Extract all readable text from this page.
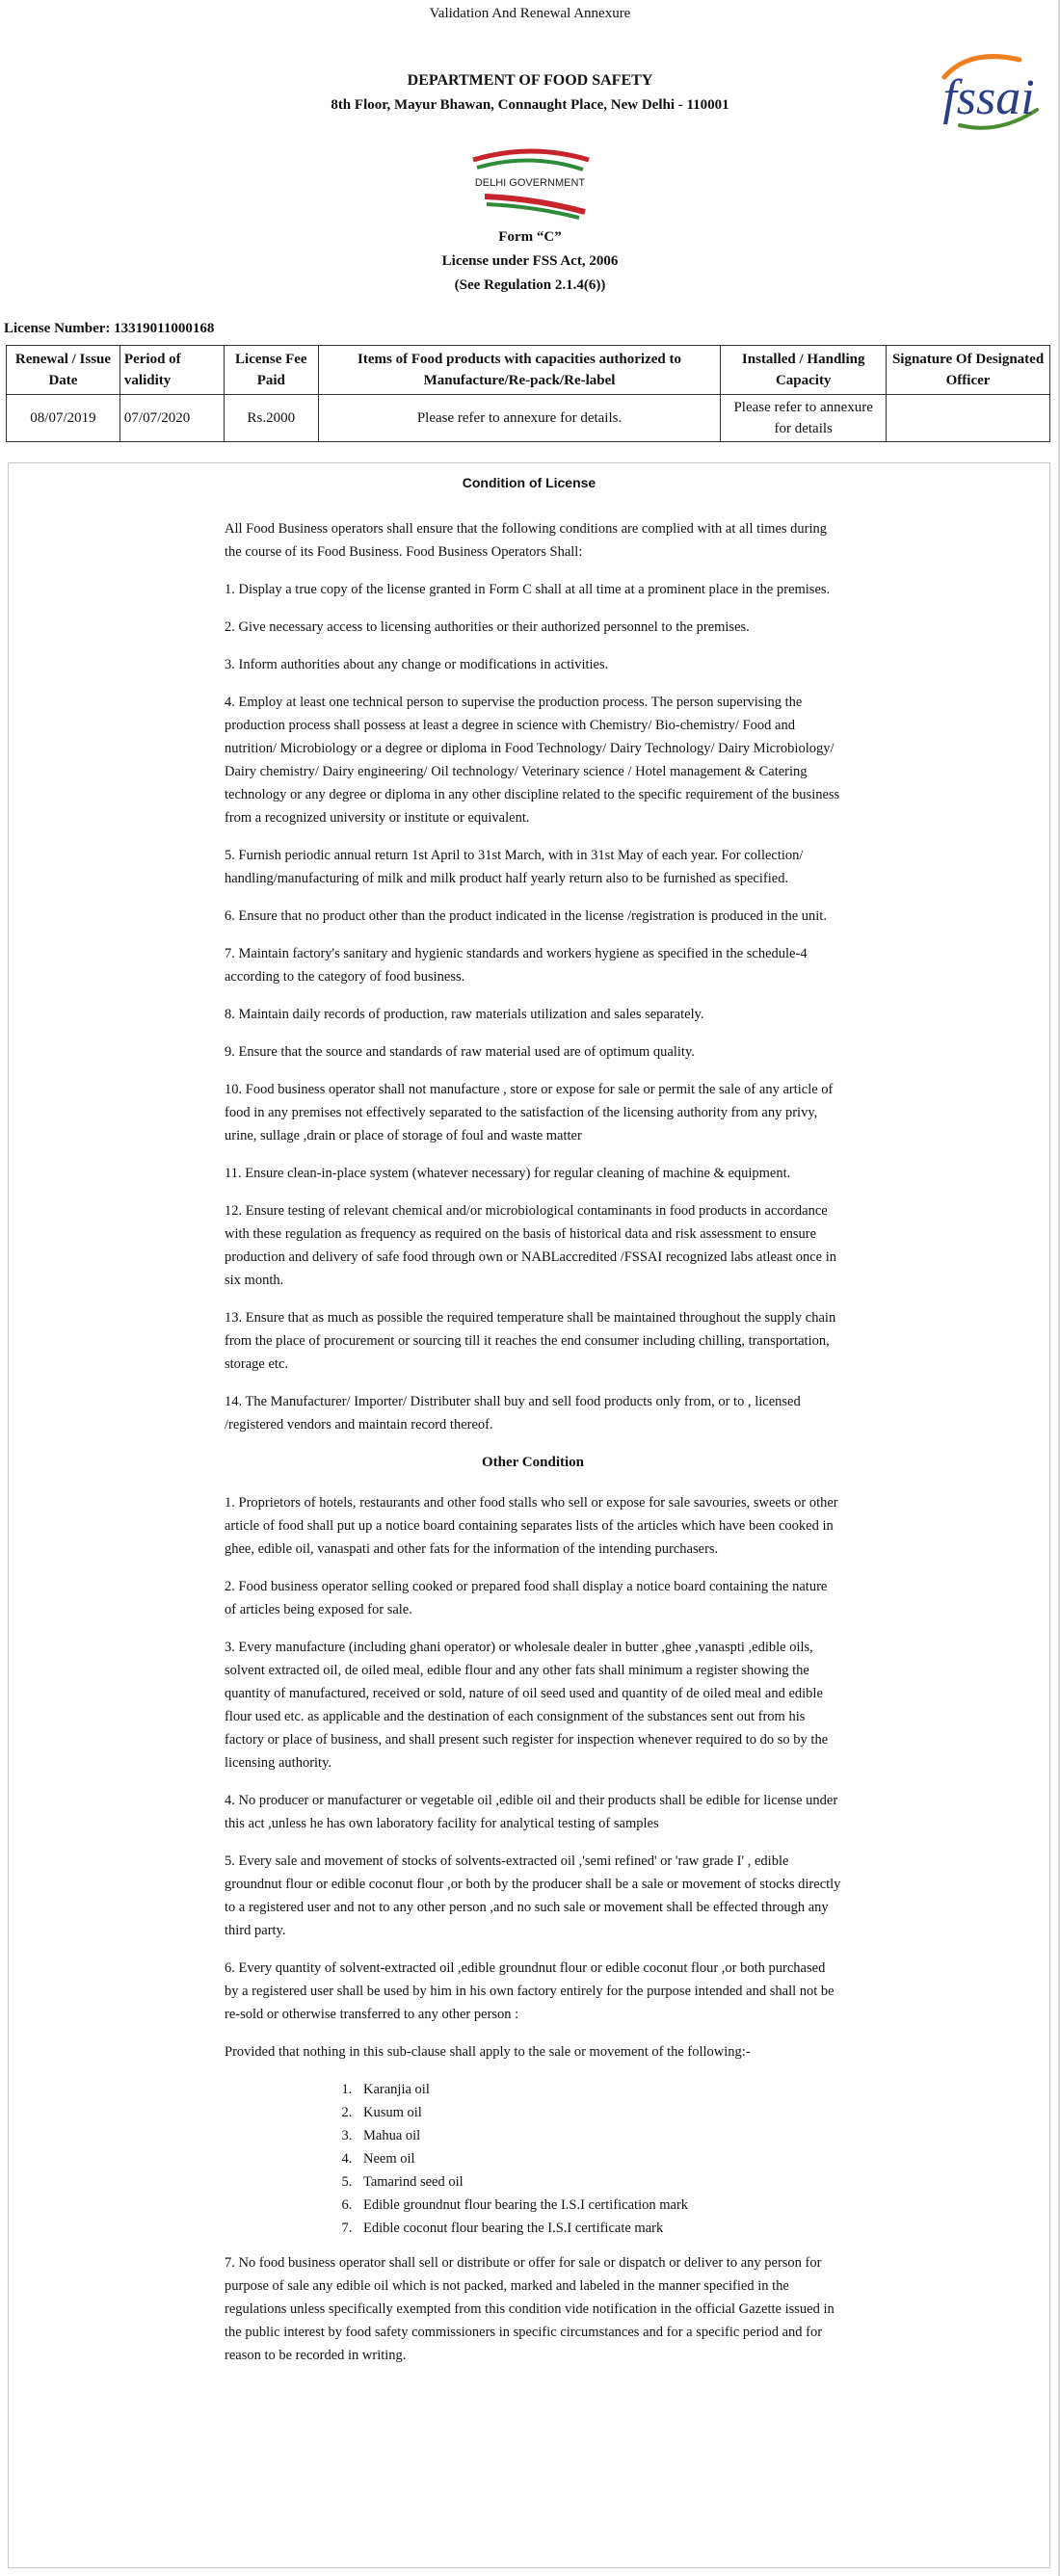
Validation And Renewal Annexure
fssai
DEPARTMENT OF FOOD SAFETY
8th Floor, Mayur Bhawan, Connaught Place, New Delhi - 110001
DELHI GOVERNMENT
Form “C”
License under FSS Act, 2006
(See Regulation 2.1.4(6))
License Number: 13319011000168
Renewal / Issue Date	Period of validity	License Fee Paid	Items of Food products with capacities authorized to Manufacture/Re-pack/Re-label	Installed / Handling Capacity	Signature Of Designated Officer
08/07/2019	07/07/2020	Rs.2000	Please refer to annexure for details.	Please refer to annexure for details	
Condition of License

All Food Business operators shall ensure that the following conditions are complied with at all times during the course of its Food Business. Food Business Operators Shall:

1. Display a true copy of the license granted in Form C shall at all time at a prominent place in the premises.

2. Give necessary access to licensing authorities or their authorized personnel to the premises.

3. Inform authorities about any change or modifications in activities.

4. Employ at least one technical person to supervise the production process. The person supervising the production process shall possess at least a degree in science with Chemistry/ Bio-chemistry/ Food and nutrition/ Microbiology or a degree or diploma in Food Technology/ Dairy Technology/ Dairy Microbiology/ Dairy chemistry/ Dairy engineering/ Oil technology/ Veterinary science / Hotel management & Catering technology or any degree or diploma in any other discipline related to the specific requirement of the business from a recognized university or institute or equivalent.

5. Furnish periodic annual return 1st April to 31st March, with in 31st May of each year. For collection/ handling/manufacturing of milk and milk product half yearly return also to be furnished as specified.

6. Ensure that no product other than the product indicated in the license /registration is produced in the unit.

7. Maintain factory's sanitary and hygienic standards and workers hygiene as specified in the schedule-4 according to the category of food business.

8. Maintain daily records of production, raw materials utilization and sales separately.

9. Ensure that the source and standards of raw material used are of optimum quality.

10. Food business operator shall not manufacture , store or expose for sale or permit the sale of any article of food in any premises not effectively separated to the satisfaction of the licensing authority from any privy, urine, sullage ,drain or place of storage of foul and waste matter

11. Ensure clean-in-place system (whatever necessary) for regular cleaning of machine & equipment.

12. Ensure testing of relevant chemical and/or microbiological contaminants in food products in accordance with these regulation as frequency as required on the basis of historical data and risk assessment to ensure production and delivery of safe food through own or NABLaccredited /FSSAI recognized labs atleast once in six month.

13. Ensure that as much as possible the required temperature shall be maintained throughout the supply chain from the place of procurement or sourcing till it reaches the end consumer including chilling, transportation, storage etc.

14. The Manufacturer/ Importer/ Distributer shall buy and sell food products only from, or to , licensed /registered vendors and maintain record thereof.

Other Condition

1. Proprietors of hotels, restaurants and other food stalls who sell or expose for sale savouries, sweets or other article of food shall put up a notice board containing separates lists of the articles which have been cooked in ghee, edible oil, vanaspati and other fats for the information of the intending purchasers.

2. Food business operator selling cooked or prepared food shall display a notice board containing the nature of articles being exposed for sale.

3. Every manufacture (including ghani operator) or wholesale dealer in butter ,ghee ,vanaspti ,edible oils, solvent extracted oil, de oiled meal, edible flour and any other fats shall minimum a register showing the quantity of manufactured, received or sold, nature of oil seed used and quantity of de oiled meal and edible flour used etc. as applicable and the destination of each consignment of the substances sent out from his factory or place of business, and shall present such register for inspection whenever required to do so by the licensing authority.

4. No producer or manufacturer or vegetable oil ,edible oil and their products shall be edible for license under this act ,unless he has own laboratory facility for analytical testing of samples

5. Every sale and movement of stocks of solvents-extracted oil ,'semi refined' or 'raw grade I' , edible groundnut flour or edible coconut flour ,or both by the producer shall be a sale or movement of stocks directly to a registered user and not to any other person ,and no such sale or movement shall be effected through any third party.

6. Every quantity of solvent-extracted oil ,edible groundnut flour or edible coconut flour ,or both purchased by a registered user shall be used by him in his own factory entirely for the purpose intended and shall not be re-sold or otherwise transferred to any other person :

Provided that nothing in this sub-clause shall apply to the sale or movement of the following:-

1. Karanjia oil
2. Kusum oil
3. Mahua oil
4. Neem oil
5. Tamarind seed oil
6. Edible groundnut flour bearing the I.S.I certification mark
7. Edible coconut flour bearing the I.S.I certificate mark

7. No food business operator shall sell or distribute or offer for sale or dispatch or deliver to any person for purpose of sale any edible oil which is not packed, marked and labeled in the manner specified in the regulations unless specifically exempted from this condition vide notification in the official Gazette issued in the public interest by food safety commissioners in specific circumstances and for a specific period and for reason to be recorded in writing.
